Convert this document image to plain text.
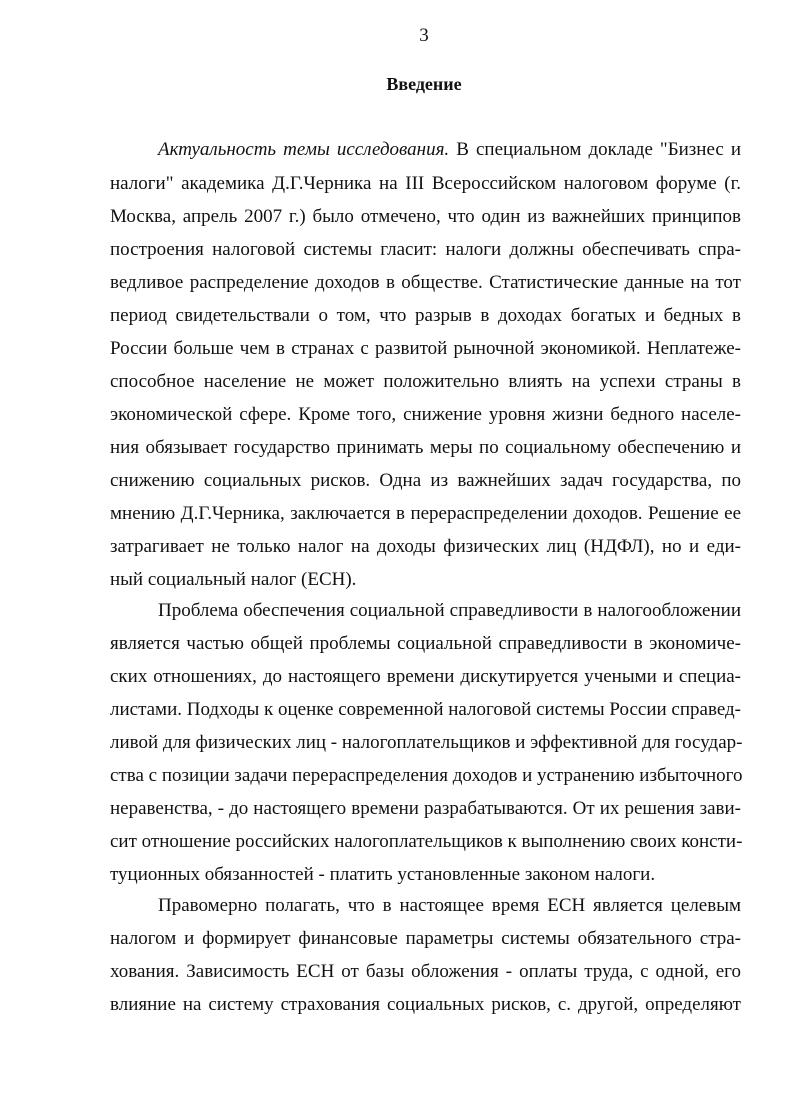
3
Введение
Актуальность темы исследования. В специальном докладе "Бизнес и
налоги" академика Д.Г.Черника на III Всероссийском налоговом форуме (г.
Москва, апрель 2007 г.) было отмечено, что один из важнейших принципов
построения налоговой системы гласит: налоги должны обеспечивать спра-
ведливое распределение доходов в обществе. Статистические данные на тот
период свидетельствали о том, что разрыв в доходах богатых и бедных в
России больше чем в странах с развитой рыночной экономикой. Неплатеже-
способное население не может положительно влиять на успехи страны в
экономической сфере. Кроме того, снижение уровня жизни бедного населе-
ния обязывает государство принимать меры по социальному обеспечению и
снижению социальных рисков. Одна из важнейших задач государства, по
мнению Д.Г.Черника, заключается в перераспределении доходов. Решение ее
затрагивает не только налог на доходы физических лиц (НДФЛ), но и еди-
ный социальный налог (ЕСН).
Проблема обеспечения социальной справедливости в налогообложении
является частью общей проблемы социальной справедливости в экономиче-
ских отношениях, до настоящего времени дискутируется учеными и специа-
листами. Подходы к оценке современной налоговой системы России справед-
ливой для физических лиц - налогоплательщиков и эффективной для государ-
ства с позиции задачи перераспределения доходов и устранению избыточного
неравенства, - до настоящего времени разрабатываются. От их решения зави-
сит отношение российских налогоплательщиков к выполнению своих консти-
туционных обязанностей - платить установленные законом налоги.
Правомерно полагать, что в настоящее время ЕСН является целевым
налогом и формирует финансовые параметры системы обязательного стра-
хования. Зависимость ЕСН от базы обложения - оплаты труда, с одной, его
влияние на систему страхования социальных рисков, с. другой, определяют
